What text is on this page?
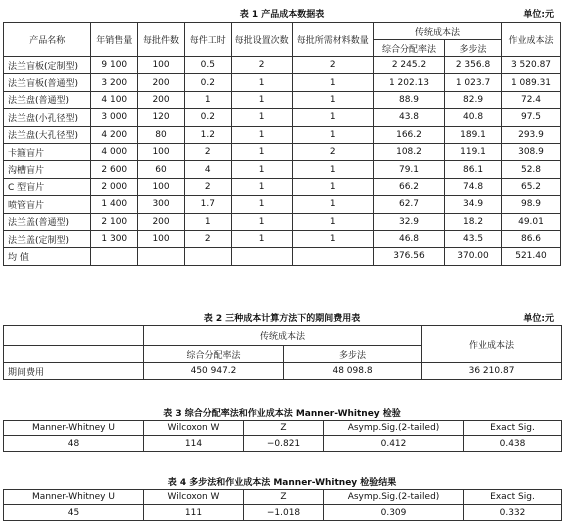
表 1 产品成本数据表	单位:元
产品名称	年销售量	每批件数	每件工时	每批设置次数	每批所需材料数量	传统成本法		作业成本法
						综合分配率法	多步法	
法兰盲板(定制型)	9 100	100	0.5	2	2	2 245.2	2 356.8	3 520.87
法兰盲板(普通型)	3 200	200	0.2	1	1	1 202.13	1 023.7	1 089.31
法兰盘(普通型)	4 100	200	1	1	1	88.9	82.9	72.4
法兰盘(小孔径型)	3 000	120	0.2	1	1	43.8	40.8	97.5
法兰盘(大孔径型)	4 200	80	1.2	1	1	166.2	189.1	293.9
卡箍盲片	4 000	100	2	1	2	108.2	119.1	308.9
沟槽盲片	2 600	60	4	1	1	79.1	86.1	52.8
C 型盲片	2 000	100	2	1	1	66.2	74.8	65.2
喷管盲片	1 400	300	1.7	1	1	62.7	34.9	98.9
法兰盖(普通型)	2 100	200	1	1	1	32.9	18.2	49.01
法兰盖(定制型)	1 300	100	2	1	1	46.8	43.5	86.6
均 值						376.56	370.00	521.40
表 2 三种成本计算方法下的期间费用表	单位:元
	传统成本法		作业成本法
	综合分配率法	多步法	
期间费用	450 947.2	48 098.8	36 210.87
表 3 综合分配率法和作业成本法 Manner-Whitney 检验
Manner-Whitney U	Wilcoxon W	Z	Asymp.Sig.(2-tailed)	Exact Sig.
48	114	−0.821	0.412	0.438
表 4 多步法和作业成本法 Manner-Whitney 检验结果
Manner-Whitney U	Wilcoxon W	Z	Asymp.Sig.(2-tailed)	Exact Sig.
45	111	−1.018	0.309	0.332
